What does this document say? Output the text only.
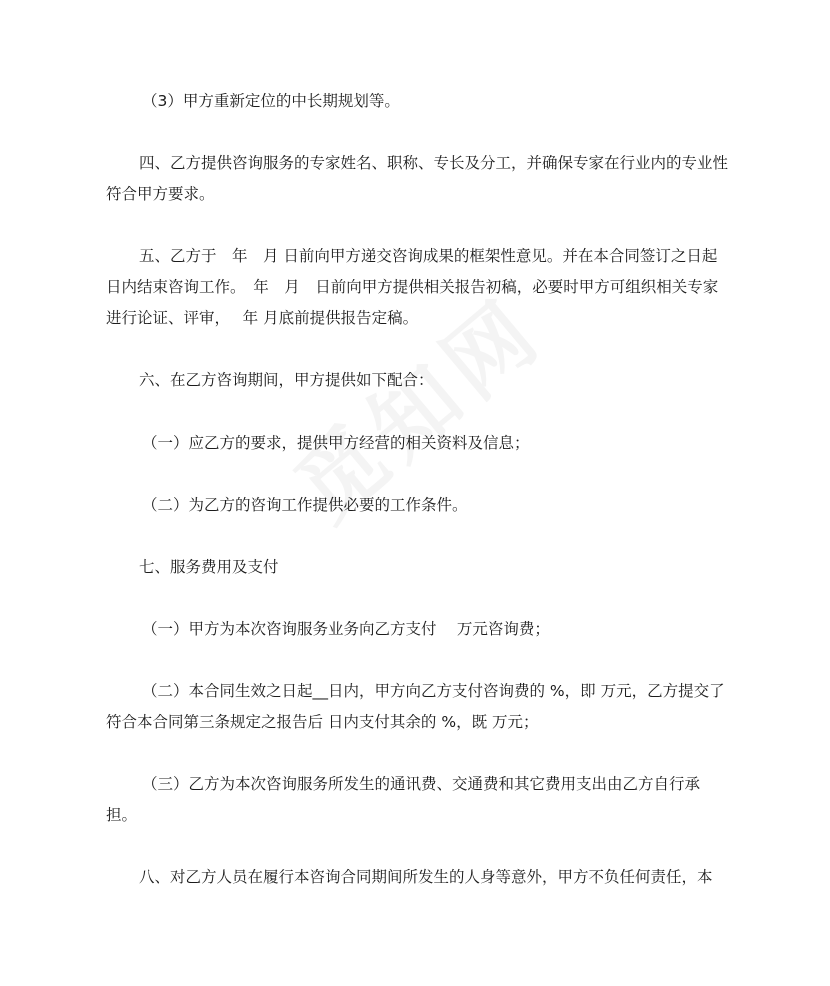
（3）甲方重新定位的中长期规划等。

四、乙方提供咨询服务的专家姓名、职称、专长及分工，并确保专家在行业内的专业性符合甲方要求。

五、乙方于　年　月 日前向甲方递交咨询成果的框架性意见。并在本合同签订之日起日内结束咨询工作。　年　月　日前向甲方提供相关报告初稿，必要时甲方可组织相关专家进行论证、评审，　 年 月底前提供报告定稿。

六、在乙方咨询期间，甲方提供如下配合：

（一）应乙方的要求，提供甲方经营的相关资料及信息；

（二）为乙方的咨询工作提供必要的工作条件。

七、服务费用及支付

（一）甲方为本次咨询服务业务向乙方支付　 万元咨询费；

（二）本合同生效之日起__日内，甲方向乙方支付咨询费的 %，即 万元，乙方提交了符合本合同第三条规定之报告后 日内支付其余的 %，既 万元；

（三）乙方为本次咨询服务所发生的通讯费、交通费和其它费用支出由乙方自行承担。

八、对乙方人员在履行本咨询合同期间所发生的人身等意外，甲方不负任何责任，本
